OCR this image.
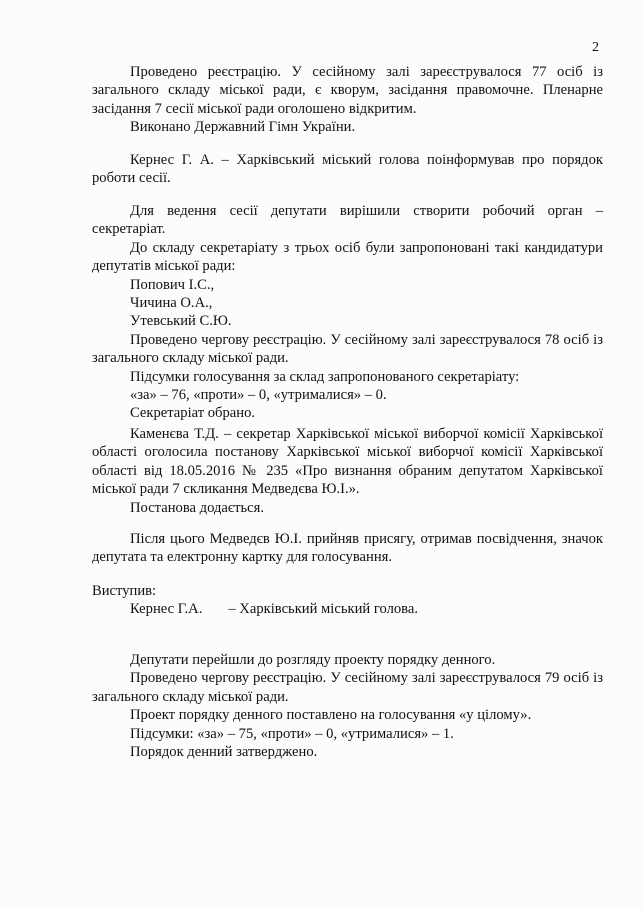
2

Проведено реєстрацію. У сесійному залі зареєструвалося 77 осіб із загального складу міської ради, є кворум, засідання правомочне. Пленарне засідання 7 сесії міської ради оголошено відкритим.

Виконано Державний Гімн України.

Кернес Г. А. – Харківський міський голова поінформував про порядок роботи сесії.

Для ведення сесії депутати вирішили створити робочий орган – секретаріат.

До складу секретаріату з трьох осіб були запропоновані такі кандидатури депутатів міської ради:

Попович І.С.,

Чичина О.А.,

Утевський С.Ю.

Проведено чергову реєстрацію. У сесійному залі зареєструвалося 78 осіб із загального складу міської ради.

Підсумки голосування за склад запропонованого секретаріату:

«за» – 76, «проти» – 0, «утрималися» – 0.

Секретаріат обрано.

Каменєва Т.Д. – секретар Харківської міської виборчої комісії Харківської області оголосила постанову Харківської міської виборчої комісії Харківської області від 18.05.2016 № 235 «Про визнання обраним депутатом Харківської міської ради 7 скликання Медведєва Ю.І.».

Постанова додається.

Після цього Медведєв Ю.І. прийняв присягу, отримав посвідчення, значок депутата та електронну картку для голосування.

Виступив:

Кернес Г.А. – Харківський міський голова.

Депутати перейшли до розгляду проекту порядку денного.

Проведено чергову реєстрацію. У сесійному залі зареєструвалося 79 осіб із загального складу міської ради.

Проект порядку денного поставлено на голосування «у цілому».

Підсумки: «за» – 75, «проти» – 0, «утрималися» – 1.

Порядок денний затверджено.
